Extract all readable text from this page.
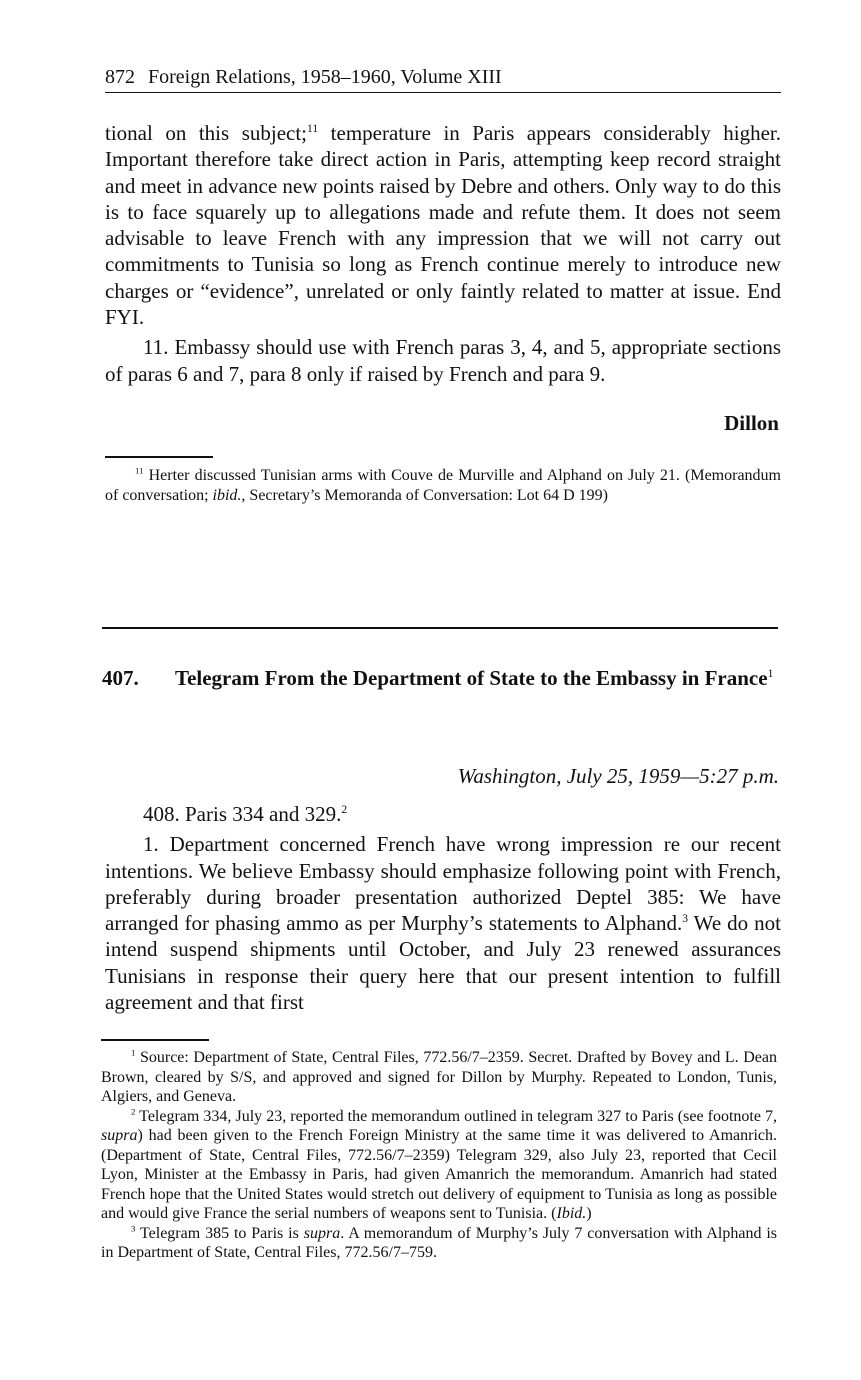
872 Foreign Relations, 1958–1960, Volume XIII

tional on this subject;$^{11}$ temperature in Paris appears considerably higher. Important therefore take direct action in Paris, attempting keep record straight and meet in advance new points raised by Debre and others. Only way to do this is to face squarely up to allegations made and refute them. It does not seem advisable to leave French with any impression that we will not carry out commitments to Tunisia so long as French continue merely to introduce new charges or “evidence”, unrelated or only faintly related to matter at issue. End FYI.

11. Embassy should use with French paras 3, 4, and 5, appropriate sections of paras 6 and 7, para 8 only if raised by French and para 9.

Dillon

$^{11}$ Herter discussed Tunisian arms with Couve de Murville and Alphand on July 21. (Memorandum of conversation; ibid., Secretary’s Memoranda of Conversation: Lot 64 D 199)

407. Telegram From the Department of State to the Embassy in France$^1$
Washington, July 25, 1959—5:27 p.m.

408. Paris 334 and 329.$^2$

1. Department concerned French have wrong impression re our recent intentions. We believe Embassy should emphasize following point with French, preferably during broader presentation authorized Deptel 385: We have arranged for phasing ammo as per Murphy’s statements to Alphand.$^3$ We do not intend suspend shipments until October, and July 23 renewed assurances Tunisians in response their query here that our present intention to fulfill agreement and that first

$^1$ Source: Department of State, Central Files, 772.56/7–2359. Secret. Drafted by Bovey and L. Dean Brown, cleared by S/S, and approved and signed for Dillon by Murphy. Repeated to London, Tunis, Algiers, and Geneva.

$^2$ Telegram 334, July 23, reported the memorandum outlined in telegram 327 to Paris (see footnote 7, supra) had been given to the French Foreign Ministry at the same time it was delivered to Amanrich. (Department of State, Central Files, 772.56/7–2359) Telegram 329, also July 23, reported that Cecil Lyon, Minister at the Embassy in Paris, had given Amanrich the memorandum. Amanrich had stated French hope that the United States would stretch out delivery of equipment to Tunisia as long as possible and would give France the serial numbers of weapons sent to Tunisia. (Ibid.)

$^3$ Telegram 385 to Paris is supra. A memorandum of Murphy’s July 7 conversation with Alphand is in Department of State, Central Files, 772.56/7–759.
